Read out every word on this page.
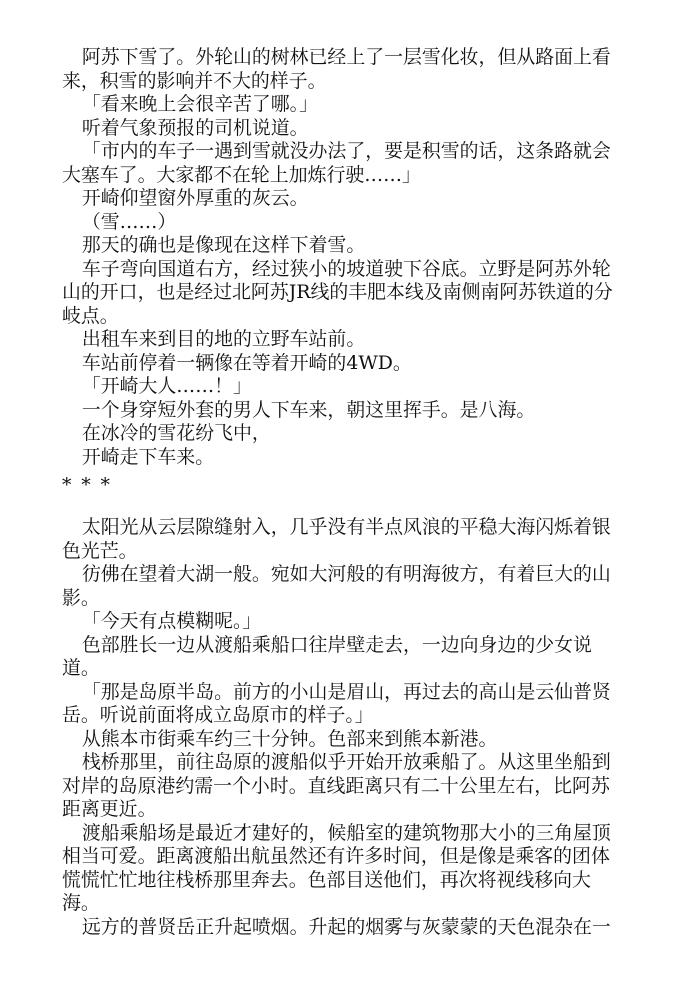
阿苏下雪了。外轮山的树林已经上了一层雪化妆，但从路面上看
来，积雪的影响并不大的样子。
「看来晚上会很辛苦了哪。」
听着气象预报的司机说道。
「市内的车子一遇到雪就没办法了，要是积雪的话，这条路就会
大塞车了。大家都不在轮上加炼行驶……」
开崎仰望窗外厚重的灰云。
（雪……）
那天的确也是像现在这样下着雪。
车子弯向国道右方，经过狭小的坡道驶下谷底。立野是阿苏外轮
山的开口，也是经过北阿苏JR线的丰肥本线及南侧南阿苏铁道的分
岐点。
出租车来到目的地的立野车站前。
车站前停着一辆像在等着开崎的4WD。
「开崎大人……！」
一个身穿短外套的男人下车来，朝这里挥手。是八海。
在冰冷的雪花纷飞中，
开崎走下车来。
* * *
太阳光从云层隙缝射入，几乎没有半点风浪的平稳大海闪烁着银
色光芒。
彷佛在望着大湖一般。宛如大河般的有明海彼方，有着巨大的山
影。
「今天有点模糊呢。」
色部胜长一边从渡船乘船口往岸壁走去，一边向身边的少女说
道。
「那是岛原半岛。前方的小山是眉山，再过去的高山是云仙普贤
岳。听说前面将成立岛原市的样子。」
从熊本市街乘车约三十分钟。色部来到熊本新港。
栈桥那里，前往岛原的渡船似乎开始开放乘船了。从这里坐船到
对岸的岛原港约需一个小时。直线距离只有二十公里左右，比阿苏
距离更近。
渡船乘船场是最近才建好的，候船室的建筑物那大小的三角屋顶
相当可爱。距离渡船出航虽然还有许多时间，但是像是乘客的团体
慌慌忙忙地往栈桥那里奔去。色部目送他们，再次将视线移向大
海。
远方的普贤岳正升起喷烟。升起的烟雾与灰蒙蒙的天色混杂在一
